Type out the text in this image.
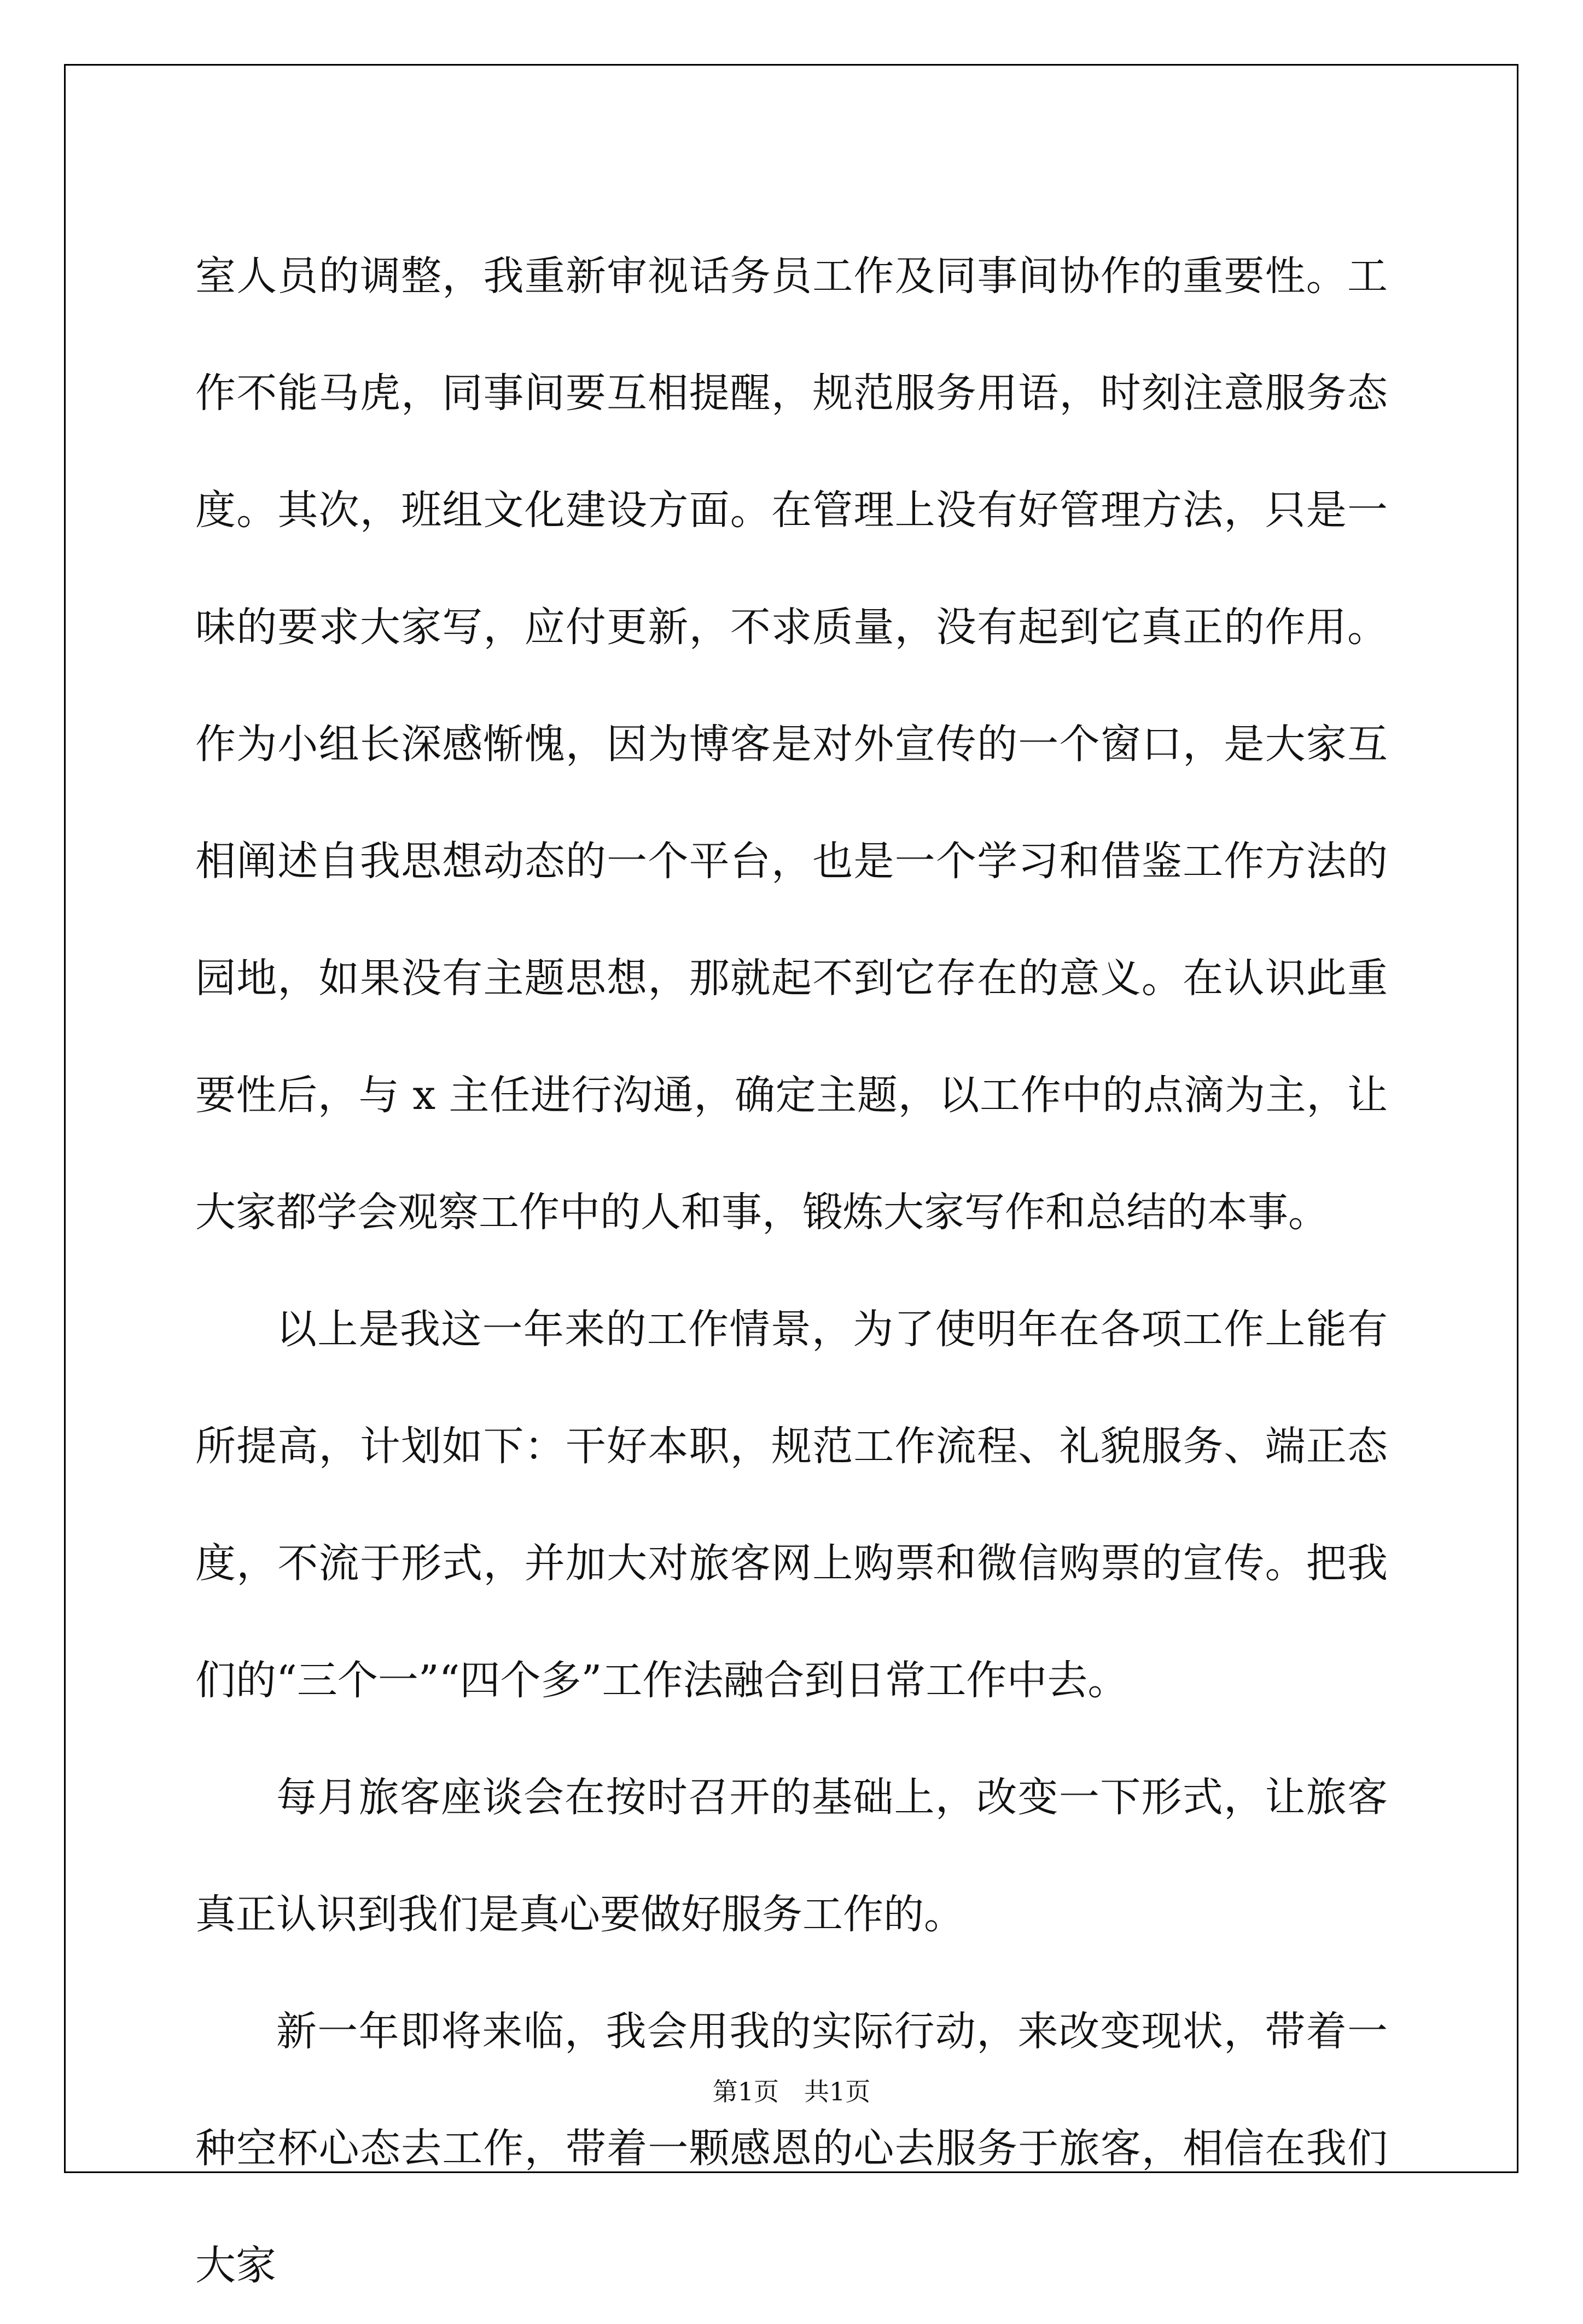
室人员的调整，我重新审视话务员工作及同事间协作的重要性。工作不能马虎，同事间要互相提醒，规范服务用语，时刻注意服务态度。其次，班组文化建设方面。在管理上没有好管理方法，只是一味的要求大家写，应付更新，不求质量，没有起到它真正的作用。作为小组长深感惭愧，因为博客是对外宣传的一个窗口，是大家互相阐述自我思想动态的一个平台，也是一个学习和借鉴工作方法的园地，如果没有主题思想，那就起不到它存在的意义。在认识此重要性后，与 x 主任进行沟通，确定主题，以工作中的点滴为主，让大家都学会观察工作中的人和事，锻炼大家写作和总结的本事。

以上是我这一年来的工作情景，为了使明年在各项工作上能有所提高，计划如下：干好本职，规范工作流程、礼貌服务、端正态度，不流于形式，并加大对旅客网上购票和微信购票的宣传。把我们的“三个一”“四个多”工作法融合到日常工作中去。

每月旅客座谈会在按时召开的基础上，改变一下形式，让旅客真正认识到我们是真心要做好服务工作的。

新一年即将来临，我会用我的实际行动，来改变现状，带着一种空杯心态去工作，带着一颗感恩的心去服务于旅客，相信在我们大家

第1页 共1页
